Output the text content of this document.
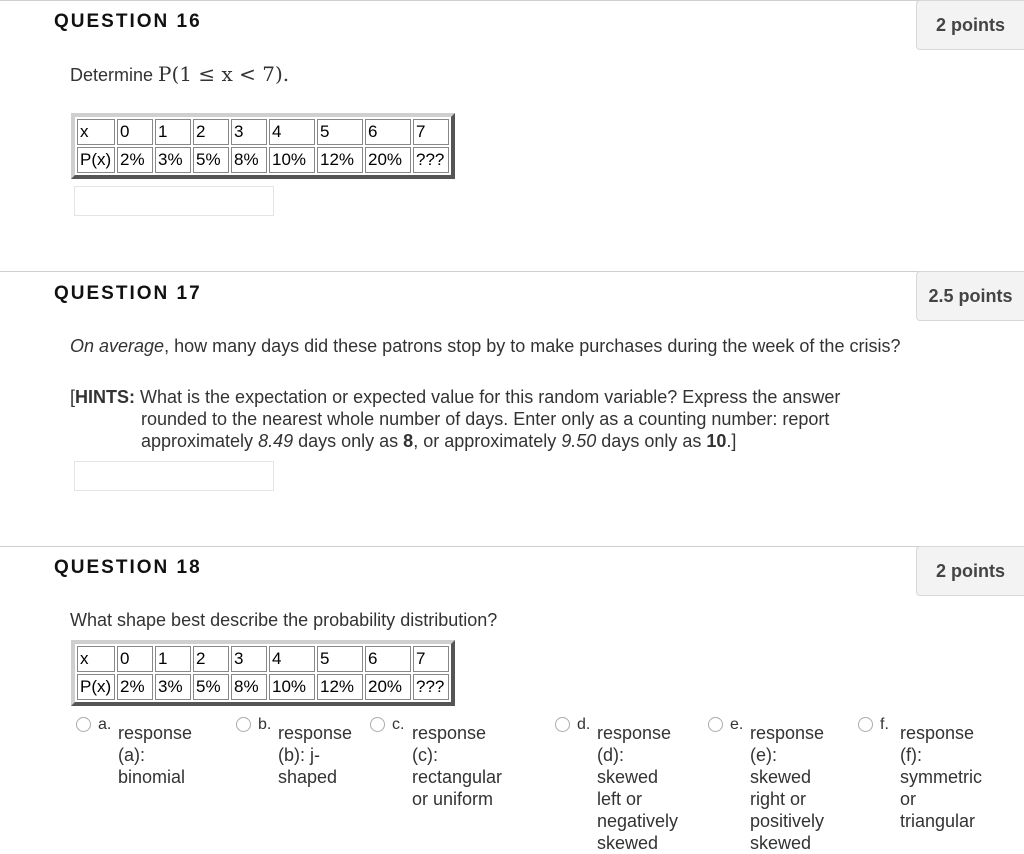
QUESTION 16	2 points
Determine P(1 ≤ x < 7).
x	0	1	2	3	4	5	6	7
P(x)	2%	3%	5%	8%	10%	12%	20%	???
QUESTION 17	2.5 points
On average, how many days did these patrons stop by to make purchases during the week of the crisis?
[HINTS: What is the expectation or expected value for this random variable? Express the answer rounded to the nearest whole number of days. Enter only as a counting number: report approximately 8.49 days only as 8, or approximately 9.50 days only as 10.]
QUESTION 18	2 points
What shape best describe the probability distribution?
x	0	1	2	3	4	5	6	7
P(x)	2%	3%	5%	8%	10%	12%	20%	???
a. response
(a): binomial
b. response
(b): j-
shaped
c. response
(c): rectangular
or uniform
d. response
(d): skewed
left or
negatively
skewed
e. response
(e): skewed
right or
positively
skewed
f. response
(f):
symmetric
or
triangular
